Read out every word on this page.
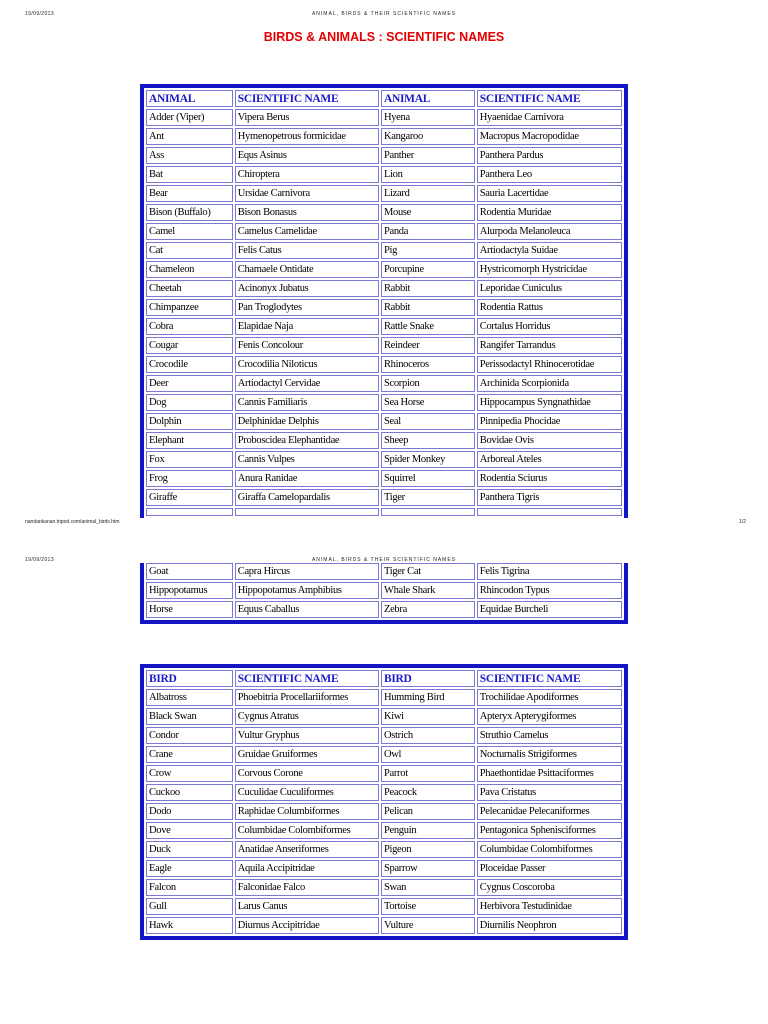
19/09/2013	ANIMAL, BIRDS & THEIR SCIENTIFIC NAMES
BIRDS & ANIMALS : SCIENTIFIC NAMES
ANIMAL	SCIENTIFIC NAME	ANIMAL	SCIENTIFIC NAME
Adder (Viper)	Vipera Berus	Hyena	Hyaenidae Carnivora
Ant	Hymenopetrous formicidae	Kangaroo	Macropus Macropodidae
Ass	Equs Asinus	Panther	Panthera Pardus
Bat	Chiroptera	Lion	Panthera Leo
Bear	Ursidae Carnivora	Lizard	Sauria Lacertidae
Bison (Buffalo)	Bison Bonasus	Mouse	Rodentia Muridae
Camel	Camelus Camelidae	Panda	Alurpoda Melanoleuca
Cat	Felis Catus	Pig	Artiodactyla Suidae
Chameleon	Chamaele Ontidate	Porcupine	Hystricomorph Hystricidae
Cheetah	Acinonyx Jubatus	Rabbit	Leporidae Cuniculus
Chimpanzee	Pan Troglodytes	Rabbit	Rodentia Rattus
Cobra	Elapidae Naja	Rattle Snake	Cortalus Horridus
Cougar	Fenis Concolour	Reindeer	Rangifer Tarrandus
Crocodile	Crocodilia Niloticus	Rhinoceros	Perissodactyl Rhinocerotidae
Deer	Artiodactyl Cervidae	Scorpion	Archinida Scorpionida
Dog	Cannis Familiaris	Sea Horse	Hippocampus Syngnathidae
Dolphin	Delphinidae Delphis	Seal	Pinnipedia Phocidae
Elephant	Proboscidea Elephantidae	Sheep	Bovidae Ovis
Fox	Cannis Vulpes	Spider Monkey	Arboreal Ateles
Frog	Anura Ranidae	Squirrel	Rodentia Sciurus
Giraffe	Giraffa Camelopardalis	Tiger	Panthera Tigris

nandankanan.tripod.com/animal_birds.htm	1/2
19/09/2013	ANIMAL, BIRDS & THEIR SCIENTIFIC NAMES
Goat	Capra Hircus	Tiger Cat	Felis Tigrina
Hippopotamus	Hippopotamus Amphibius	Whale Shark	Rhincodon Typus
Horse	Equus Caballus	Zebra	Equidae Burcheli
BIRD	SCIENTIFIC NAME	BIRD	SCIENTIFIC NAME
Albatross	Phoebitria Procellariiformes	Humming Bird	Trochilidae Apodiformes
Black Swan	Cygnus Atratus	Kiwi	Apteryx Apterygiformes
Condor	Vultur Gryphus	Ostrich	Struthio Camelus
Crane	Gruidae Gruiformes	Owl	Nocturnalis Strigiformes
Crow	Corvous Corone	Parrot	Phaethontidae Psittaciformes
Cuckoo	Cuculidae Cuculiformes	Peacock	Pava Cristatus
Dodo	Raphidae Columbiformes	Pelican	Pelecanidae Pelecaniformes
Dove	Columbidae Colombiformes	Penguin	Pentagonica Sphenisciformes
Duck	Anatidae Anseriformes	Pigeon	Columbidae Colombiformes
Eagle	Aquila Accipitridae	Sparrow	Ploceidae Passer
Falcon	Falconidae Falco	Swan	Cygnus Coscoroba
Gull	Larus Canus	Tortoise	Herbivora Testudinidae
Hawk	Diurnus Accipitridae	Vulture	Diurnilis Neophron
